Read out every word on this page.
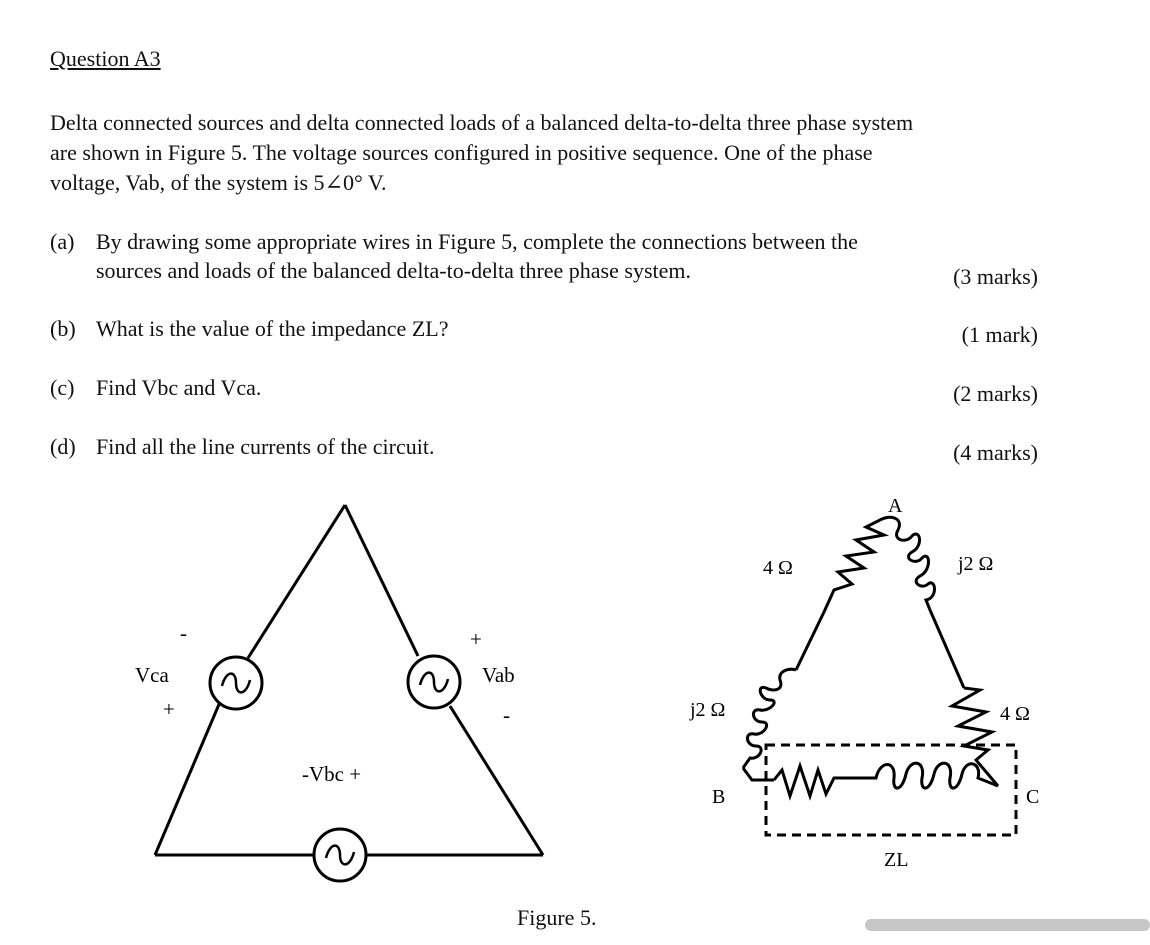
Question A3
Delta connected sources and delta connected loads of a balanced delta-to-delta three phase system
are shown in Figure 5. The voltage sources configured in positive sequence. One of the phase
voltage, Vab, of the system is 5∠0° V.
(a) By drawing some appropriate wires in Figure 5, complete the connections between the
sources and loads of the balanced delta-to-delta three phase system.	(3 marks)
(b) What is the value of the impedance ZL?	(1 mark)
(c) Find Vbc and Vca.	(2 marks)
(d) Find all the line currents of the circuit.	(4 marks)
Vca
-
+
Vab
+
-
-Vbc +
A
B	C
4 Ω	j2 Ω
j2 Ω	4 Ω
ZL
Figure 5.
